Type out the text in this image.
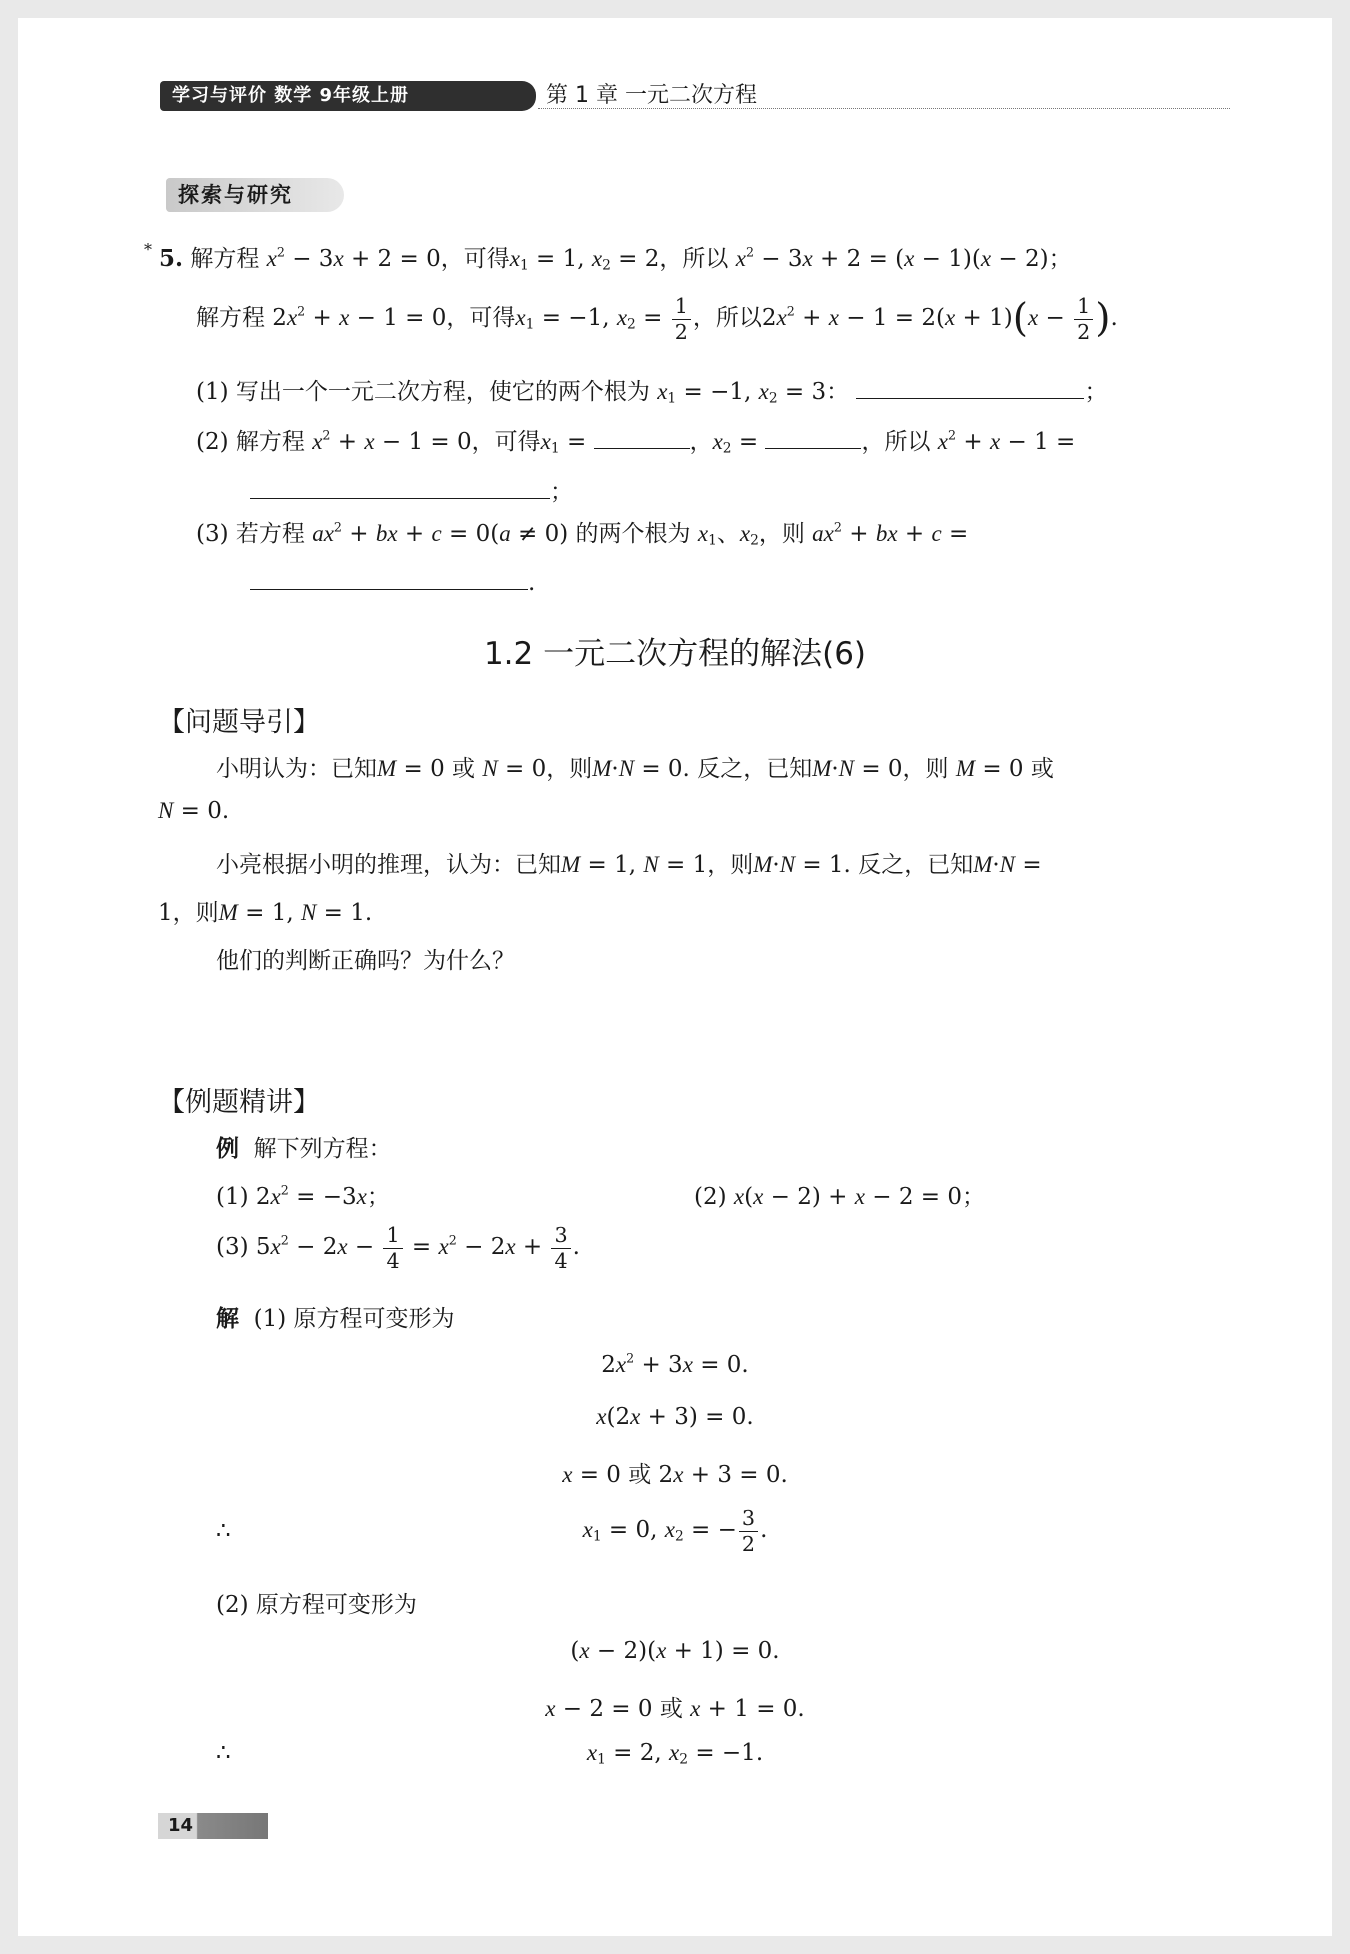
学习与评价 数学 9年级上册	第 1 章 一元二次方程
探索与研究
* 5. 解方程 $x^2 - 3x + 2 = 0$，可得$x_1 = 1$, $x_2 = 2$，所以 $x^2 - 3x + 2 = (x - 1)(x - 2)$；
解方程 $2x^2 + x - 1 = 0$，可得$x_1 = -1$, $x_2 = \frac{1}{2}$ ，所以$2x^2 + x - 1 = 2(x + 1)(x - \frac{1}{2}$ ).
(1) 写出一个一元二次方程，使它的两个根为 $x_1 = -1$, $x_2 = 3$：	；
(2) 解方程 $x^2 + x - 1 = 0$，可得$x_1$ =	，$x_2$ =	，所以 $x^2 + x - 1$ =
；
(3) 若方程 $ax^2$ + bx + c = 0(a ≠ 0) 的两个根为 $x_1$、$x_2$，则 $ax^2$ + bx + c =
.
1.2 一元二次方程的解法(6)
【问题导引】
小明认为：已知M = 0 或 N = 0，则M·N = 0. 反之，已知M·N = 0，则 M = 0 或
N = 0.
小亮根据小明的推理，认为：已知M = 1, N = 1，则M·N = 1. 反之，已知M·N =
1，则M = 1, N = 1.
他们的判断正确吗？为什么？
【例题精讲】
例 解下列方程：
(1) $2x^2 = -3x$；	(2) x(x − 2) + x − 2 = 0；
(3) $5x^2 - 2x - \frac{1}{4} = x^2 - 2x + \frac{3}{4}$ .
解 (1) 原方程可变形为
$2x^2 + 3x = 0$.
x(2x + 3) = 0.
x = 0 或 2x + 3 = 0.
∴	$x_1 = 0$, $x_2$ = − $\frac{3}{2}$ .
(2) 原方程可变形为
(x − 2)(x + 1) = 0.
x − 2 = 0 或 x + 1 = 0.
∴	$x_1 = 2$, $x_2 = -1$.
14
